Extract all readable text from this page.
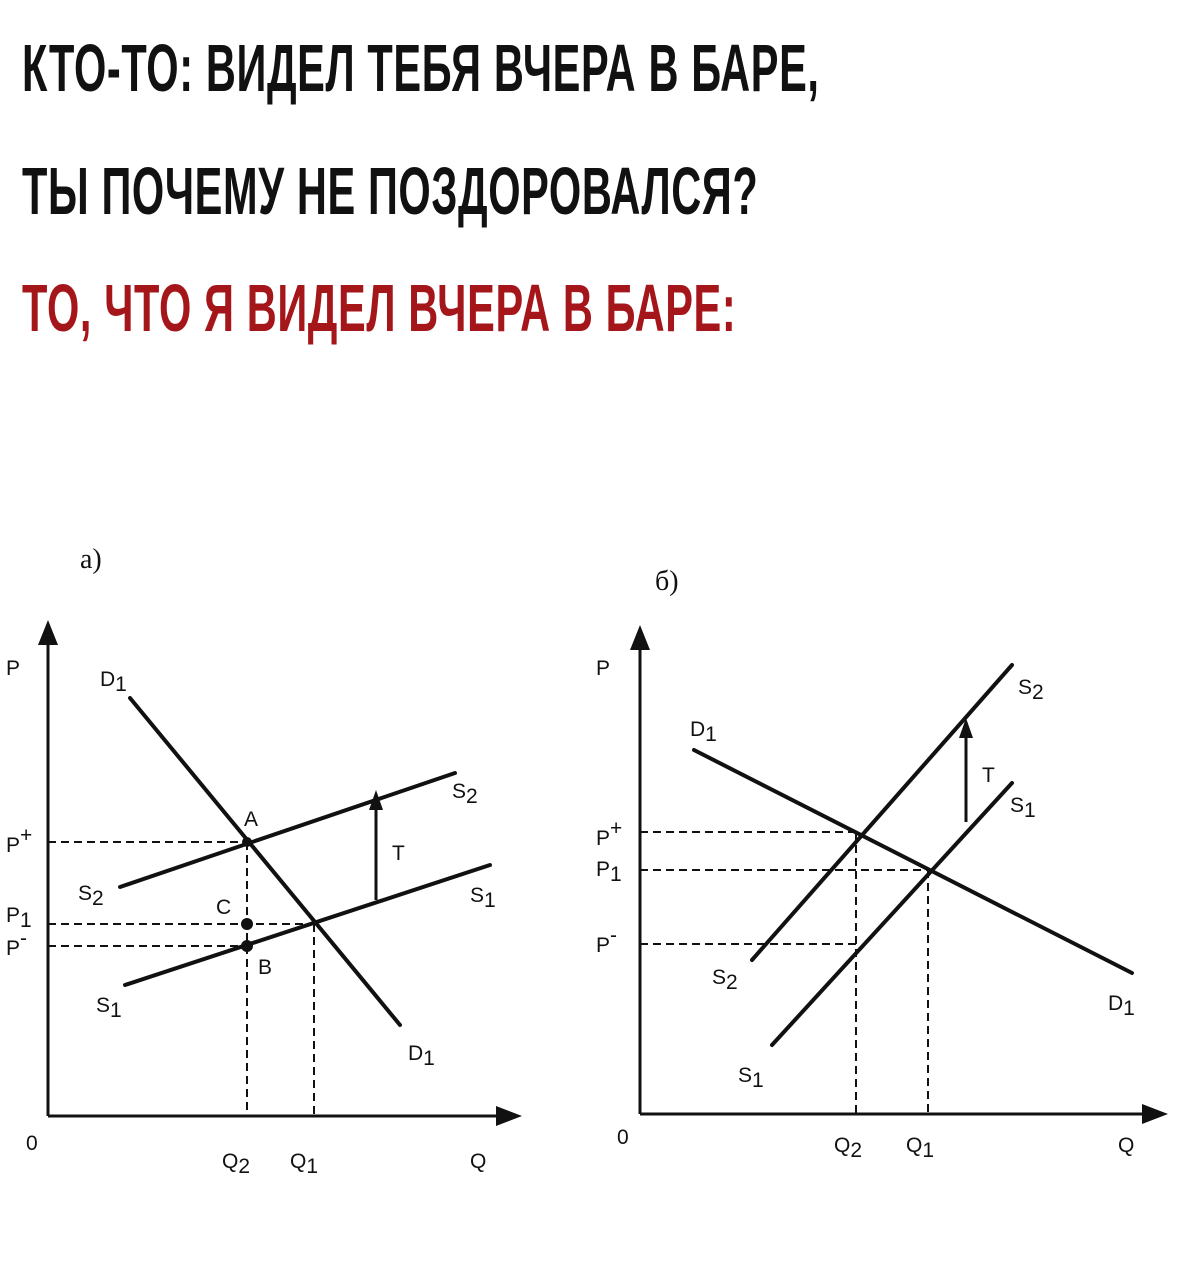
КТО-ТО: ВИДЕЛ ТЕБЯ ВЧЕРА В БАРЕ,

ТЫ ПОЧЕМУ НЕ ПОЗДОРОВАЛСЯ?

ТО, ЧТО Я ВИДЕЛ ВЧЕРА В БАРЕ:

а)
P
Q
0
D1
D1
S2
S2	S1
S1
P+
P1
P-
Q2 Q1
A
B
C
T
б)
P
Q
0
D1
D1
S2
S2
S1
S1
P+
P1
P-
Q2 Q1
T
